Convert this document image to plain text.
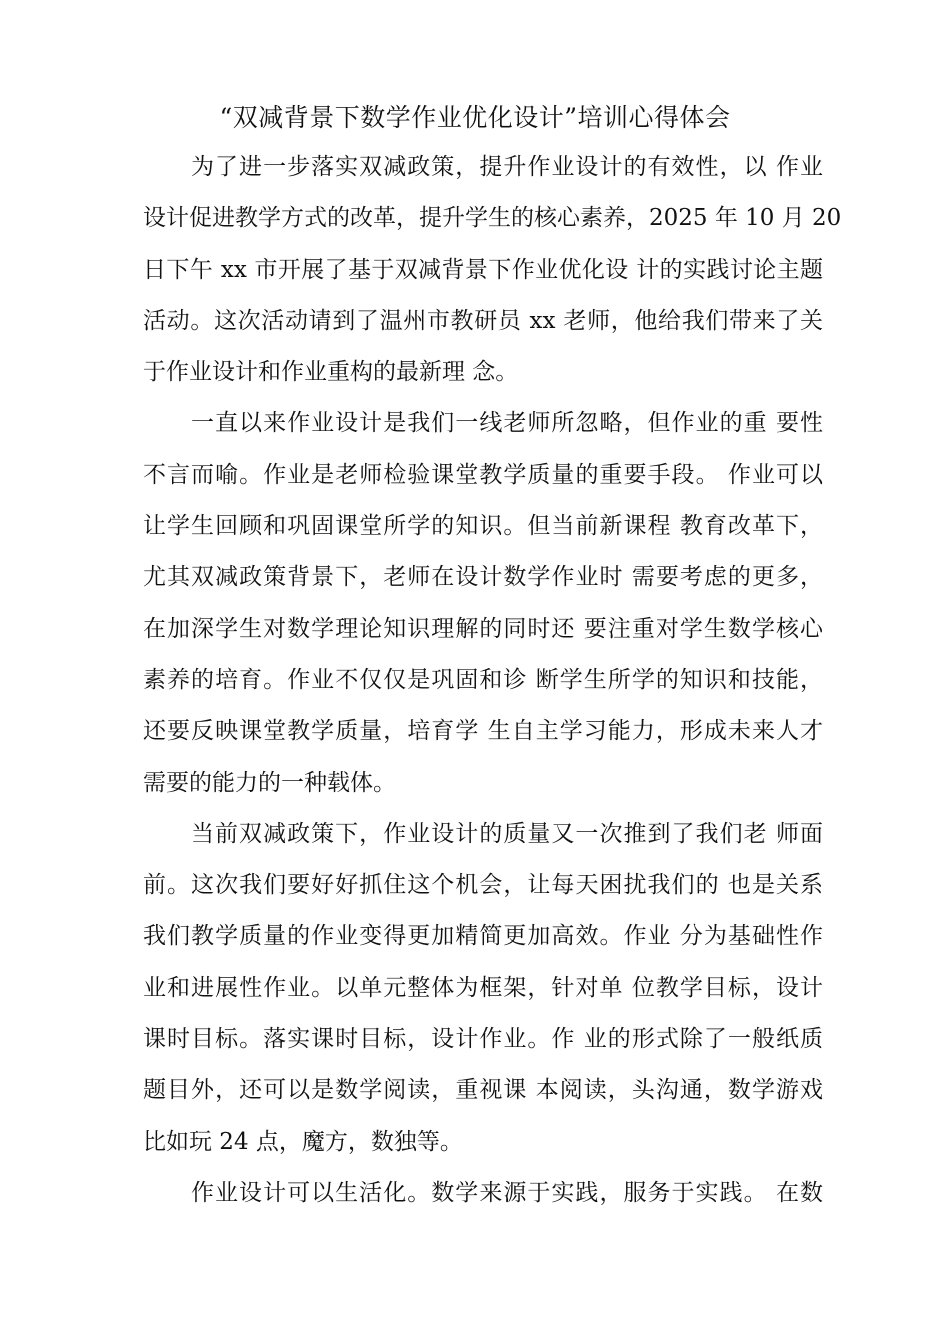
“双减背景下数学作业优化设计”培训心得体会
为了进一步落实双减政策，提升作业设计的有效性，以 作业
设计促进教学方式的改革，提升学生的核心素养，2025 年 10 月 20
日下午 xx 市开展了基于双减背景下作业优化设 计的实践讨论主题
活动。这次活动请到了温州市教研员 xx 老师，他给我们带来了关
于作业设计和作业重构的最新理 念。
一直以来作业设计是我们一线老师所忽略，但作业的重 要性
不言而喻。作业是老师检验课堂教学质量的重要手段。 作业可以
让学生回顾和巩固课堂所学的知识。但当前新课程 教育改革下，
尤其双减政策背景下，老师在设计数学作业时 需要考虑的更多，
在加深学生对数学理论知识理解的同时还 要注重对学生数学核心
素养的培育。作业不仅仅是巩固和诊 断学生所学的知识和技能，
还要反映课堂教学质量，培育学 生自主学习能力，形成未来人才
需要的能力的一种载体。
当前双减政策下，作业设计的质量又一次推到了我们老 师面
前。这次我们要好好抓住这个机会，让每天困扰我们的 也是关系
我们教学质量的作业变得更加精简更加高效。作业 分为基础性作
业和进展性作业。以单元整体为框架，针对单 位教学目标，设计
课时目标。落实课时目标，设计作业。作 业的形式除了一般纸质
题目外，还可以是数学阅读，重视课 本阅读，头沟通，数学游戏
比如玩 24 点，魔方，数独等。
作业设计可以生活化。数学来源于实践，服务于实践。 在数
